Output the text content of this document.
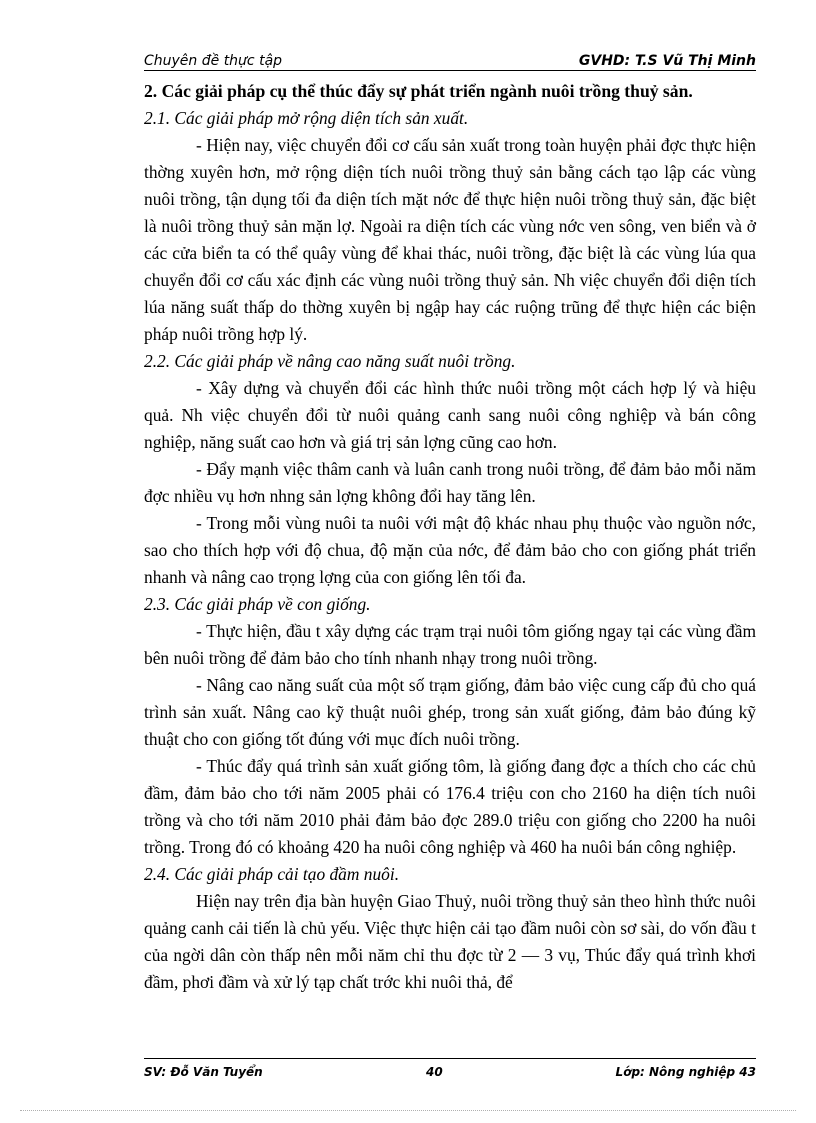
Chuyên đề thực tập	GVHD: T.S Vũ Thị Minh

2. Các giải pháp cụ thể thúc đẩy sự phát triển ngành nuôi trồng thuỷ sản.

2.1. Các giải pháp mở rộng diện tích sản xuất.

- Hiện nay, việc chuyển đổi cơ cấu sản xuất trong toàn huyện phải đợc thực hiện thờng xuyên hơn, mở rộng diện tích nuôi trồng thuỷ sản bằng cách tạo lập các vùng nuôi trồng, tận dụng tối đa diện tích mặt nớc để thực hiện nuôi trồng thuỷ sản, đặc biệt là nuôi trồng thuỷ sản mặn lợ. Ngoài ra diện tích các vùng nớc ven sông, ven biển và ở các cửa biển ta có thể quây vùng để khai thác, nuôi trồng, đặc biệt là các vùng lúa qua chuyển đổi cơ cấu xác định các vùng nuôi trồng thuỷ sản. Nh việc chuyển đổi diện tích lúa năng suất thấp do thờng xuyên bị ngập hay các ruộng trũng để thực hiện các biện pháp nuôi trồng hợp lý.

2.2. Các giải pháp về nâng cao năng suất nuôi trồng.

- Xây dựng và chuyển đổi các hình thức nuôi trồng một cách hợp lý và hiệu quả. Nh việc chuyển đổi từ nuôi quảng canh sang nuôi công nghiệp và bán công nghiệp, năng suất cao hơn và giá trị sản lợng cũng cao hơn.

- Đẩy mạnh việc thâm canh và luân canh trong nuôi trồng, để đảm bảo mỗi năm đợc nhiều vụ hơn nhng sản lợng không đổi hay tăng lên.

- Trong mỗi vùng nuôi ta nuôi với mật độ khác nhau phụ thuộc vào nguồn nớc, sao cho thích hợp với độ chua, độ mặn của nớc, để đảm bảo cho con giống phát triển nhanh và nâng cao trọng lợng của con giống lên tối đa.

2.3. Các giải pháp về con giống.

- Thực hiện, đầu t xây dựng các trạm trại nuôi tôm giống ngay tại các vùng đầm bên nuôi trồng để đảm bảo cho tính nhanh nhạy trong nuôi trồng.

- Nâng cao năng suất của một số trạm giống, đảm bảo việc cung cấp đủ cho quá trình sản xuất. Nâng cao kỹ thuật nuôi ghép, trong sản xuất giống, đảm bảo đúng kỹ thuật cho con giống tốt đúng với mục đích nuôi trồng.

- Thúc đẩy quá trình sản xuất giống tôm, là giống đang đợc a thích cho các chủ đầm, đảm bảo cho tới năm 2005 phải có 176.4 triệu con cho 2160 ha diện tích nuôi trồng và cho tới năm 2010 phải đảm bảo đợc 289.0 triệu con giống cho 2200 ha nuôi trồng. Trong đó có khoảng 420 ha nuôi công nghiệp và 460 ha nuôi bán công nghiệp.

2.4. Các giải pháp cải tạo đầm nuôi.

Hiện nay trên địa bàn huyện Giao Thuỷ, nuôi trồng thuỷ sản theo hình thức nuôi quảng canh cải tiến là chủ yếu. Việc thực hiện cải tạo đầm nuôi còn sơ sài, do vốn đầu t của ngời dân còn thấp nên mỗi năm chỉ thu đợc từ 2 — 3 vụ, Thúc đẩy quá trình khơi đầm, phơi đầm và xử lý tạp chất trớc khi nuôi thả, để

SV: Đỗ Văn Tuyển	40	Lớp: Nông nghiệp 43
